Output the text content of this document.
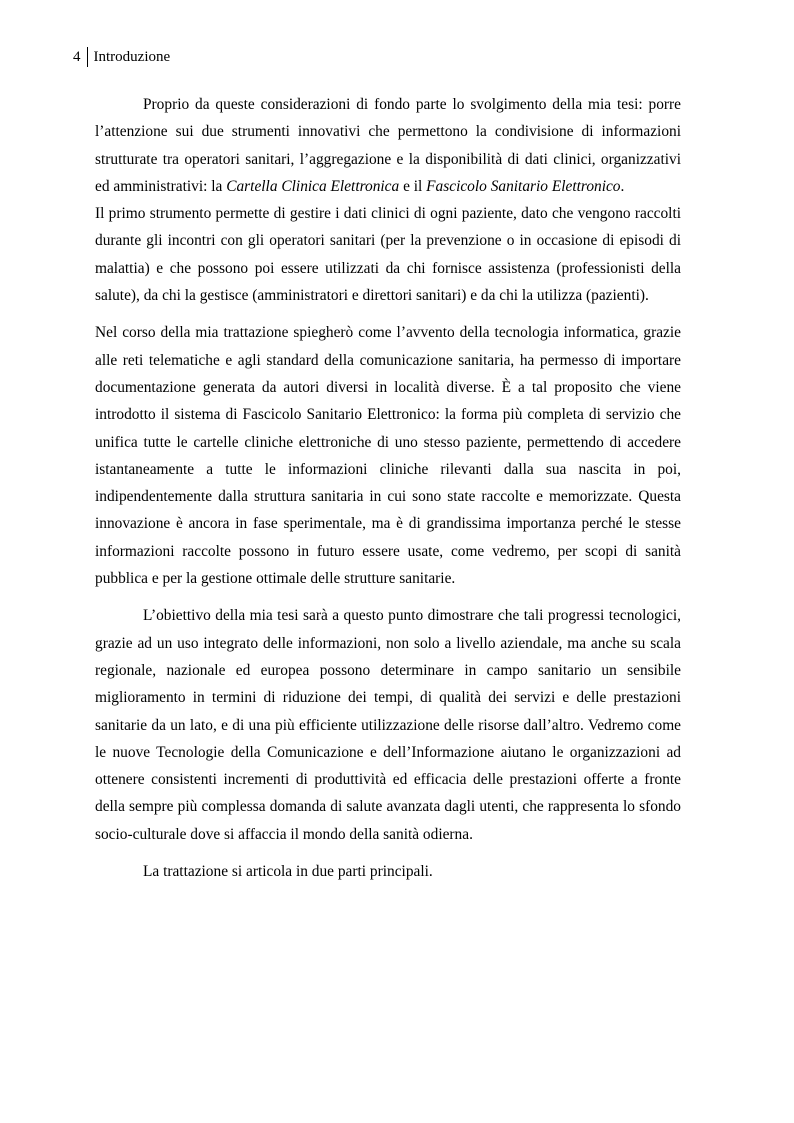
4 Introduzione

Proprio da queste considerazioni di fondo parte lo svolgimento della mia tesi: porre l’attenzione sui due strumenti innovativi che permettono la condivisione di informazioni strutturate tra operatori sanitari, l’aggregazione e la disponibilità di dati clinici, organizzativi ed amministrativi: la Cartella Clinica Elettronica e il Fascicolo Sanitario Elettronico.

Il primo strumento permette di gestire i dati clinici di ogni paziente, dato che vengono raccolti durante gli incontri con gli operatori sanitari (per la prevenzione o in occasione di episodi di malattia) e che possono poi essere utilizzati da chi fornisce assistenza (professionisti della salute), da chi la gestisce (amministratori e direttori sanitari) e da chi la utilizza (pazienti).

Nel corso della mia trattazione spiegherò come l’avvento della tecnologia informatica, grazie alle reti telematiche e agli standard della comunicazione sanitaria, ha permesso di importare documentazione generata da autori diversi in località diverse. È a tal proposito che viene introdotto il sistema di Fascicolo Sanitario Elettronico: la forma più completa di servizio che unifica tutte le cartelle cliniche elettroniche di uno stesso paziente, permettendo di accedere istantaneamente a tutte le informazioni cliniche rilevanti dalla sua nascita in poi, indipendentemente dalla struttura sanitaria in cui sono state raccolte e memorizzate. Questa innovazione è ancora in fase sperimentale, ma è di grandissima importanza perché le stesse informazioni raccolte possono in futuro essere usate, come vedremo, per scopi di sanità pubblica e per la gestione ottimale delle strutture sanitarie.

L’obiettivo della mia tesi sarà a questo punto dimostrare che tali progressi tecnologici, grazie ad un uso integrato delle informazioni, non solo a livello aziendale, ma anche su scala regionale, nazionale ed europea possono determinare in campo sanitario un sensibile miglioramento in termini di riduzione dei tempi, di qualità dei servizi e delle prestazioni sanitarie da un lato, e di una più efficiente utilizzazione delle risorse dall’altro. Vedremo come le nuove Tecnologie della Comunicazione e dell’Informazione aiutano le organizzazioni ad ottenere consistenti incrementi di produttività ed efficacia delle prestazioni offerte a fronte della sempre più complessa domanda di salute avanzata dagli utenti, che rappresenta lo sfondo socio-culturale dove si affaccia il mondo della sanità odierna.

La trattazione si articola in due parti principali.
